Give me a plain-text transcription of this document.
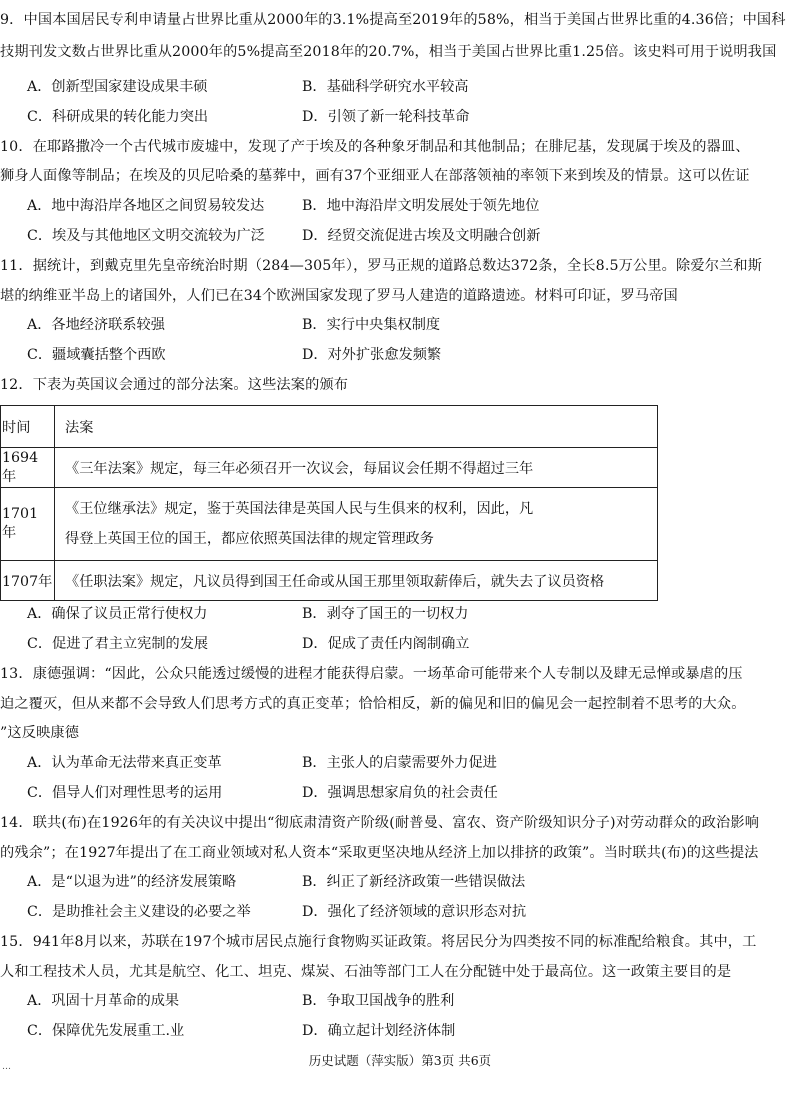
9．中国本国居民专利申请量占世界比重从2000年的3.1%提高至2019年的58%，相当于美国占世界比重的4.36倍；中国科
技期刊发文数占世界比重从2000年的5%提高至2018年的20.7%，相当于美国占世界比重1.25倍。该史料可用于说明我国
A．创新型国家建设成果丰硕	B．基础科学研究水平较高
C．科研成果的转化能力突出	D．引领了新一轮科技革命
10．在耶路撒冷一个古代城市废墟中，发现了产于埃及的各种象牙制品和其他制品；在腓尼基，发现属于埃及的器皿、
狮身人面像等制品；在埃及的贝尼哈桑的墓葬中，画有37个亚细亚人在部落领袖的率领下来到埃及的情景。这可以佐证
A．地中海沿岸各地区之间贸易较发达	B．地中海沿岸文明发展处于领先地位
C．埃及与其他地区文明交流较为广泛	D．经贸交流促进古埃及文明融合创新
11．据统计，到戴克里先皇帝统治时期（284—305年），罗马正规的道路总数达372条，全长8.5万公里。除爱尔兰和斯
堪的纳维亚半岛上的诸国外，人们已在34个欧洲国家发现了罗马人建造的道路遗迹。材料可印证，罗马帝国
A．各地经济联系较强	B．实行中央集权制度
C．疆域囊括整个西欧	D．对外扩张愈发频繁
12．下表为英国议会通过的部分法案。这些法案的颁布
时间	法案
1694 年	《三年法案》规定，每三年必须召开一次议会，每届议会任期不得超过三年
1701 年	《王位继承法》规定，鉴于英国法律是英国人民与生俱来的权利，因此，凡
得登上英国王位的国王，都应依照英国法律的规定管理政务

1707年	《任职法案》规定，凡议员得到国王任命或从国王那里领取薪俸后，就失去了议员资格
A．确保了议员正常行使权力	B．剥夺了国王的一切权力
C．促进了君主立宪制的发展	D．促成了责任内阁制确立
13．康德强调：“因此，公众只能透过缓慢的进程才能获得启蒙。一场革命可能带来个人专制以及肆无忌惮或暴虐的压
迫之覆灭，但从来都不会导致人们思考方式的真正变革；恰恰相反，新的偏见和旧的偏见会一起控制着不思考的大众。
”这反映康德
A．认为革命无法带来真正变革	B．主张人的启蒙需要外力促进
C．倡导人们对理性思考的运用	D．强调思想家肩负的社会责任
14．联共(布)在1926年的有关决议中提出“彻底肃清资产阶级(耐普曼、富农、资产阶级知识分子)对劳动群众的政治影响
的残余”；在1927年提出了在工商业领域对私人资本“采取更坚决地从经济上加以排挤的政策”。当时联共(布)的这些提法
A．是“以退为进”的经济发展策略	B．纠正了新经济政策一些错误做法
C．是助推社会主义建设的必要之举	D．强化了经济领域的意识形态对抗
15．941年8月以来，苏联在197个城市居民点施行食物购买证政策。将居民分为四类按不同的标准配给粮食。其中，工
人和工程技术人员，尤其是航空、化工、坦克、煤炭、石油等部门工人在分配链中处于最高位。这一政策主要目的是
A．巩固十月革命的成果	B．争取卫国战争的胜利
C．保障优先发展重工.业	D．确立起计划经济体制
历史试题（萍实版）第3页 共6页
…
